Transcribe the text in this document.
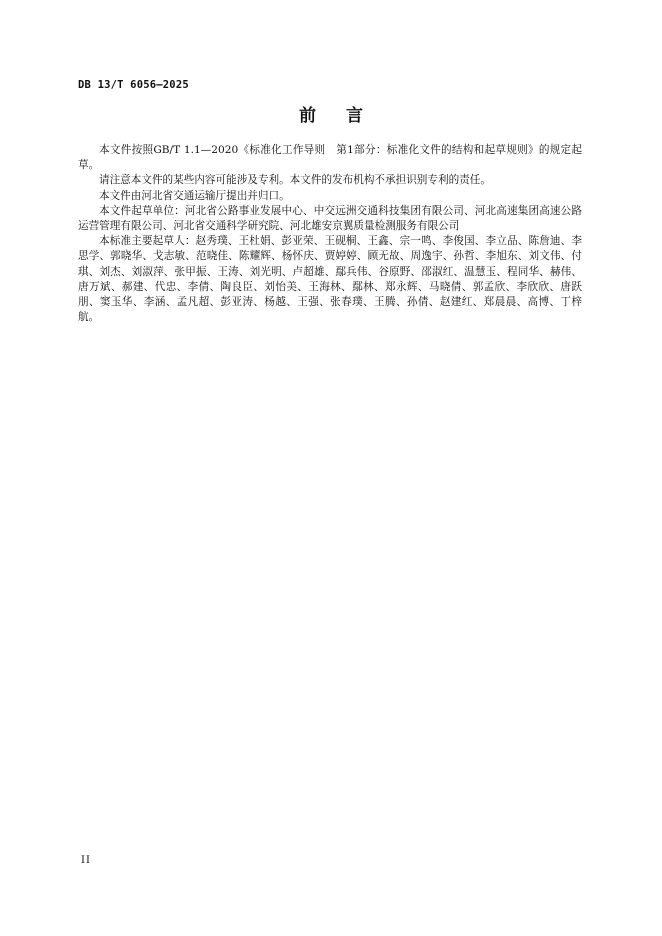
DB 13/T 6056—2025
前言

本文件按照GB/T 1.1—2020《标准化工作导则　第1部分：标准化文件的结构和起草规则》的规定起草。

请注意本文件的某些内容可能涉及专利。本文件的发布机构不承担识别专利的责任。

本文件由河北省交通运输厅提出并归口。

本文件起草单位：河北省公路事业发展中心、中交远洲交通科技集团有限公司、河北高速集团高速公路运营管理有限公司、河北省交通科学研究院、河北雄安京翼质量检测服务有限公司

本标准主要起草人：赵秀璞、王杜娟、彭亚荣、王砚桐、王鑫、宗一鸣、李俊国、李立品、陈詹迪、李思学、郭晓华、戈志敏、范晓佳、陈耀辉、杨怀庆、贾婷婷、顾无故、周逸宇、孙哲、李旭东、刘文伟、付琪、刘杰、刘淑萍、张甲振、王涛、刘光明、卢超雄、鄢兵伟、谷原野、邵淑红、温慧玉、程同华、赫伟、唐万斌、郝建、代忠、李倩、陶良臣、刘怡美、王海林、鄢林、郑永辉、马晓倩、郭孟欣、李欣欣、唐跃朋、窦玉华、李涵、孟凡超、彭亚涛、杨越、王强、张春璞、王腾、孙倩、赵建红、郑晨晨、高博、丁梓航。

II
